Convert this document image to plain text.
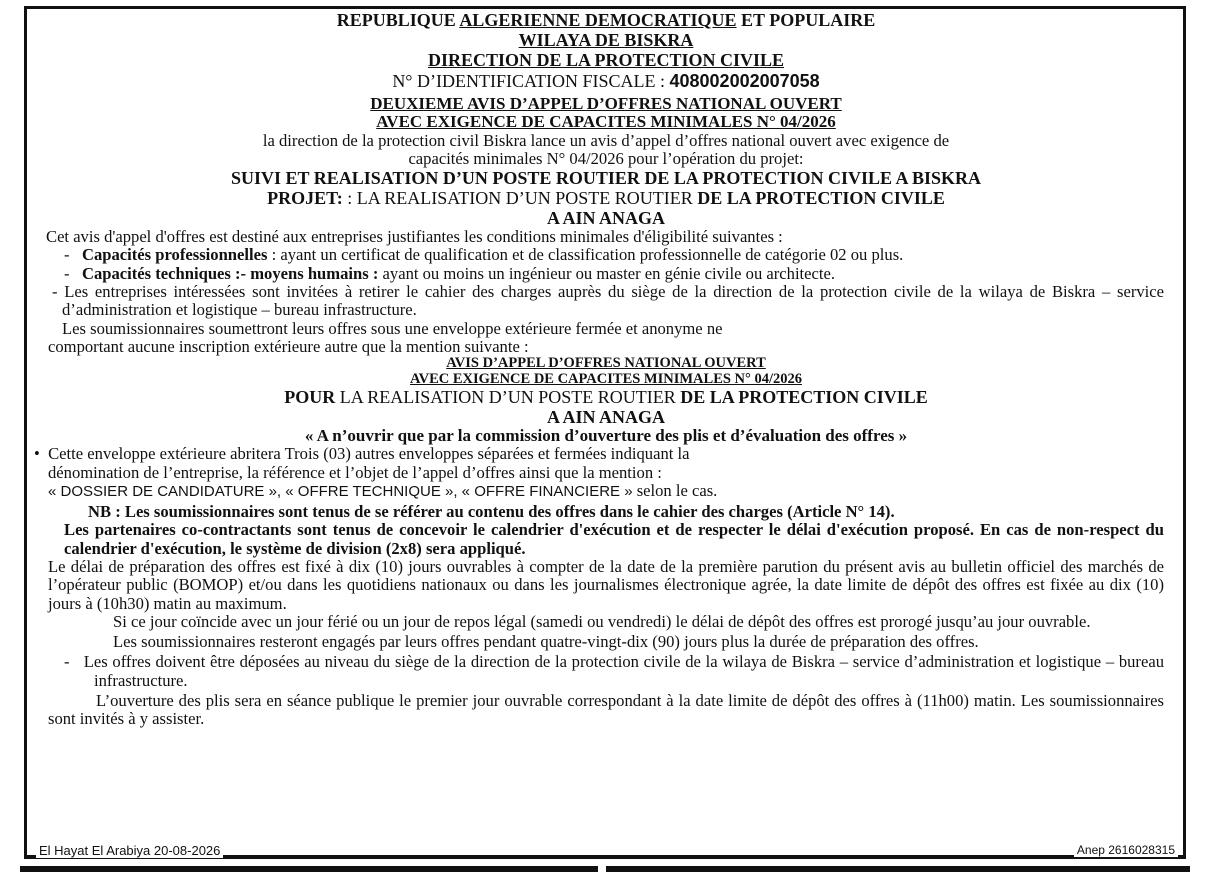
REPUBLIQUE ALGERIENNE DEMOCRATIQUE ET POPULAIRE

WILAYA DE BISKRA

DIRECTION DE LA PROTECTION CIVILE

N° D’IDENTIFICATION FISCALE : 408002002007058

DEUXIEME AVIS D’APPEL D’OFFRES NATIONAL OUVERT

AVEC EXIGENCE DE CAPACITES MINIMALES N° 04/2026

la direction de la protection civil Biskra lance un avis d’appel d’offres national ouvert avec exigence de

capacités minimales N° 04/2026 pour l’opération du projet:

SUIVI ET REALISATION D’UN POSTE ROUTIER DE LA PROTECTION CIVILE A BISKRA

PROJET: : LA REALISATION D’UN POSTE ROUTIER DE LA PROTECTION CIVILE

A AIN ANAGA

Cet avis d'appel d'offres est destiné aux entreprises justifiantes les conditions minimales d'éligibilité suivantes :

-   Capacités professionnelles : ayant un certificat de qualification et de classification professionnelle de catégorie 02 ou plus.

-   Capacités techniques :- moyens humains : ayant ou moins un ingénieur ou master en génie civile ou architecte.

- Les entreprises intéressées sont invitées à retirer le cahier des charges auprès du siège de la direction de la protection civile de la wilaya de Biskra – service d’administration et logistique – bureau infrastructure.

Les soumissionnaires soumettront leurs offres sous une enveloppe extérieure fermée et anonyme ne

comportant aucune inscription extérieure autre que la mention suivante :

AVIS D’APPEL D’OFFRES NATIONAL OUVERT

AVEC EXIGENCE DE CAPACITES MINIMALES N° 04/2026

POUR LA REALISATION D’UN POSTE ROUTIER DE LA PROTECTION CIVILE

A AIN ANAGA

« A n’ouvrir que par la commission d’ouverture des plis et d’évaluation des offres »

•  Cette enveloppe extérieure abritera Trois (03) autres enveloppes séparées et fermées indiquant la

dénomination de l’entreprise, la référence et l’objet de l’appel d’offres ainsi que la mention :

« DOSSIER DE CANDIDATURE », « OFFRE TECHNIQUE », « OFFRE FINANCIERE » selon le cas.

NB : Les soumissionnaires sont tenus de se référer au contenu des offres dans le cahier des charges (Article N° 14).

Les partenaires co-contractants sont tenus de concevoir le calendrier d'exécution et de respecter le délai d'exécution proposé. En cas de non-respect du calendrier d'exécution, le système de division (2x8) sera appliqué.

Le délai de préparation des offres est fixé à dix (10) jours ouvrables à compter de la date de la première parution du présent avis au bulletin officiel des marchés de l’opérateur public (BOMOP) et/ou dans les quotidiens nationaux ou dans les journalismes électronique agrée, la date limite de dépôt des offres est fixée au dix (10) jours à (10h30) matin au maximum.

Si ce jour coïncide avec un jour férié ou un jour de repos légal (samedi ou vendredi) le délai de dépôt des offres est prorogé jusqu’au jour ouvrable.

Les soumissionnaires resteront engagés par leurs offres pendant quatre-vingt-dix (90) jours plus la durée de préparation des offres.

-   Les offres doivent être déposées au niveau du siège de la direction de la protection civile de la wilaya de Biskra – service d’administration et logistique – bureau infrastructure.

L’ouverture des plis sera en séance publique le premier jour ouvrable correspondant à la date limite de dépôt des offres à (11h00) matin. Les soumissionnaires sont invités à y assister.

El Hayat El Arabiya 20-08-2026	Anep 2616028315
